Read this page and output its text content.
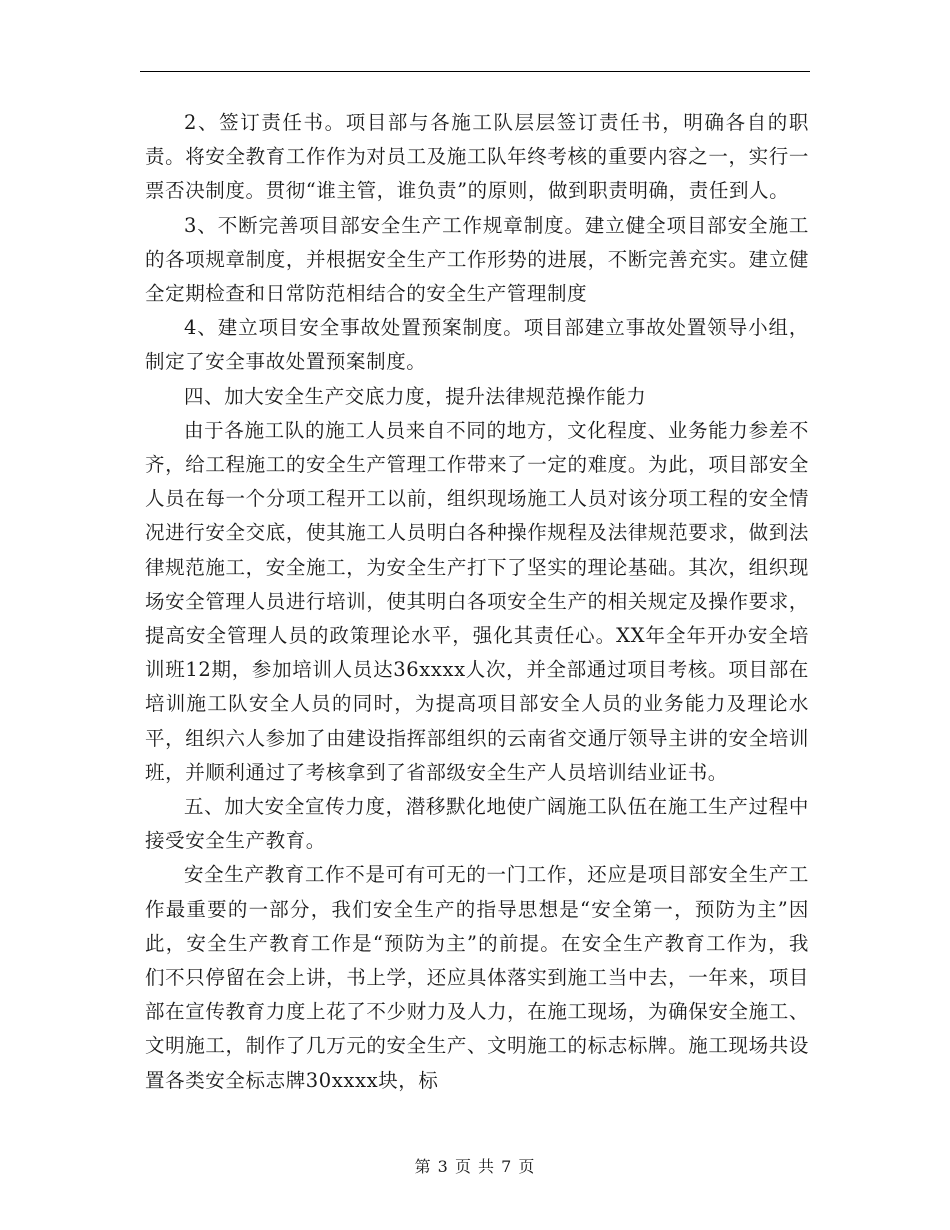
2、签订责任书。项目部与各施工队层层签订责任书，明确各自的职责。将安全教育工作作为对员工及施工队年终考核的重要内容之一，实行一票否决制度。贯彻“谁主管，谁负责”的原则，做到职责明确，责任到人。

3、不断完善项目部安全生产工作规章制度。建立健全项目部安全施工的各项规章制度，并根据安全生产工作形势的进展，不断完善充实。建立健全定期检查和日常防范相结合的安全生产管理制度

4、建立项目安全事故处置预案制度。项目部建立事故处置领导小组，制定了安全事故处置预案制度。

四、加大安全生产交底力度，提升法律规范操作能力

由于各施工队的施工人员来自不同的地方，文化程度、业务能力参差不齐，给工程施工的安全生产管理工作带来了一定的难度。为此，项目部安全人员在每一个分项工程开工以前，组织现场施工人员对该分项工程的安全情况进行安全交底，使其施工人员明白各种操作规程及法律规范要求，做到法律规范施工，安全施工，为安全生产打下了坚实的理论基础。其次，组织现场安全管理人员进行培训，使其明白各项安全生产的相关规定及操作要求，提高安全管理人员的政策理论水平，强化其责任心。XX年全年开办安全培训班12期，参加培训人员达36xxxx人次，并全部通过项目考核。项目部在培训施工队安全人员的同时，为提高项目部安全人员的业务能力及理论水平，组织六人参加了由建设指挥部组织的云南省交通厅领导主讲的安全培训班，并顺利通过了考核拿到了省部级安全生产人员培训结业证书。

五、加大安全宣传力度，潜移默化地使广阔施工队伍在施工生产过程中接受安全生产教育。

安全生产教育工作不是可有可无的一门工作，还应是项目部安全生产工作最重要的一部分，我们安全生产的指导思想是“安全第一，预防为主”因此，安全生产教育工作是“预防为主”的前提。在安全生产教育工作为，我们不只停留在会上讲，书上学，还应具体落实到施工当中去，一年来，项目部在宣传教育力度上花了不少财力及人力，在施工现场，为确保安全施工、文明施工，制作了几万元的安全生产、文明施工的标志标牌。施工现场共设置各类安全标志牌30xxxx块，标

第 3 页 共 7 页
